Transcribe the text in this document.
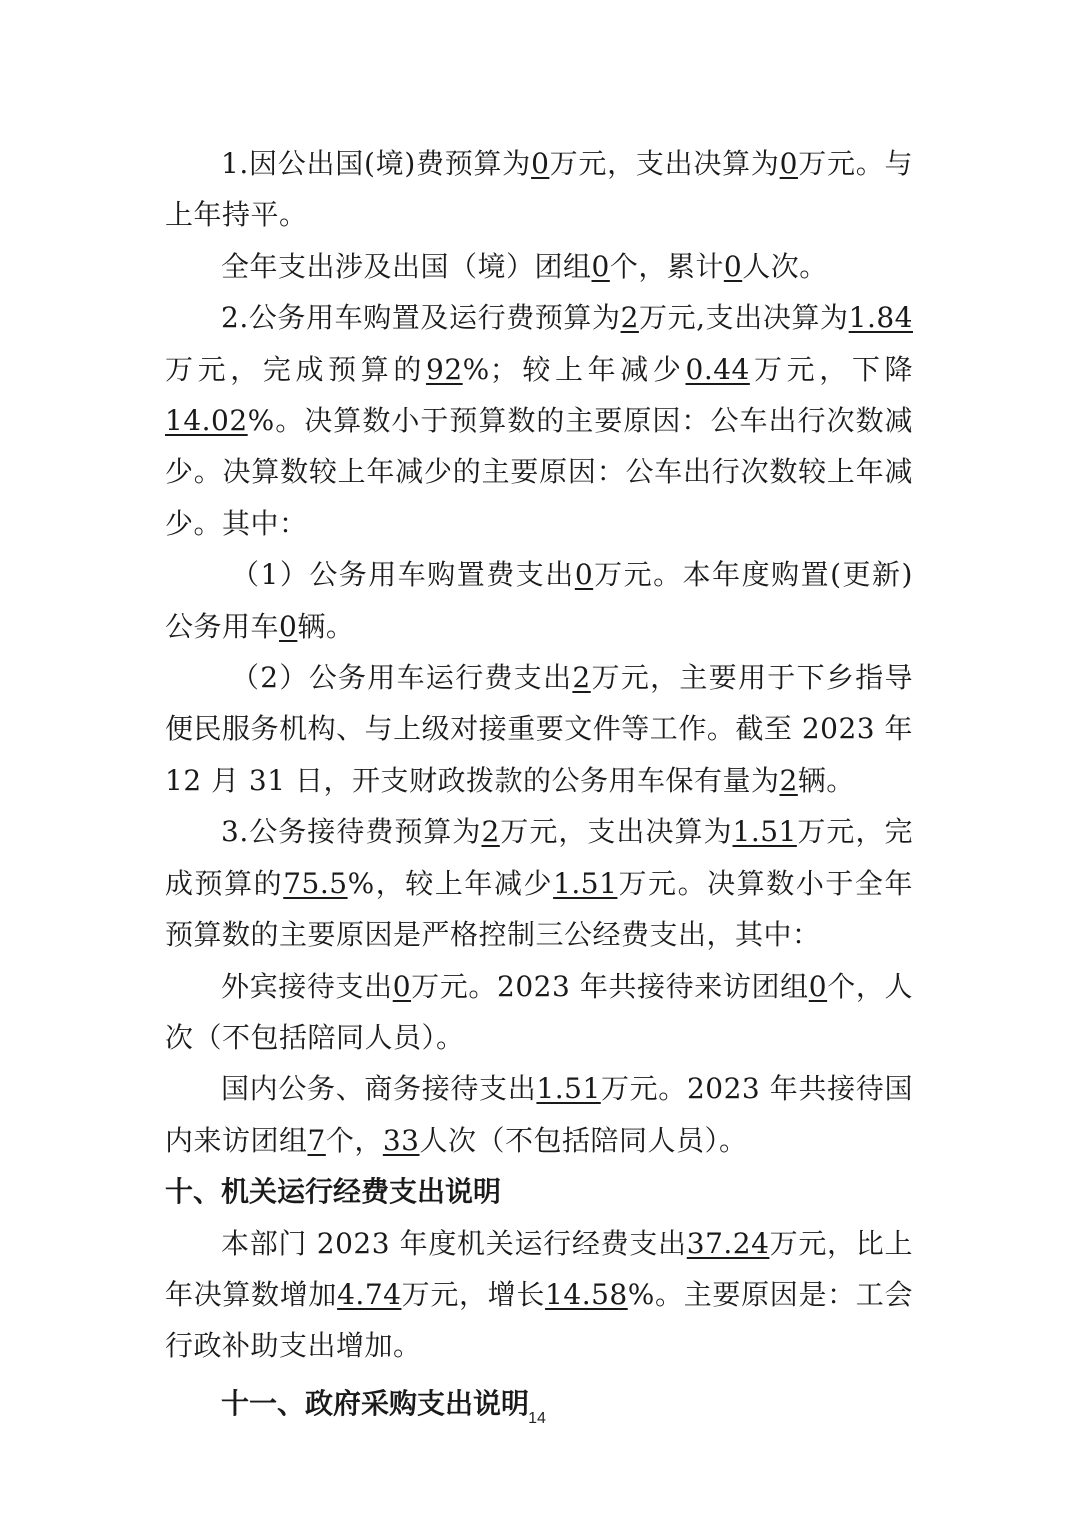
1.因公出国(境)费预算为0万元，支出决算为0万元。与上年持平。

全年支出涉及出国（境）团组0个，累计0人次。

2.公务用车购置及运行费预算为2万元,支出决算为1.84万元，完成预算的92%；较上年减少0.44万元，下降14.02%。决算数小于预算数的主要原因：公车出行次数减少。决算数较上年减少的主要原因：公车出行次数较上年减少。其中：

（1）公务用车购置费支出0万元。本年度购置(更新)公务用车0辆。

（2）公务用车运行费支出2万元，主要用于下乡指导便民服务机构、与上级对接重要文件等工作。截至 2023 年 12 月 31 日，开支财政拨款的公务用车保有量为2辆。

3.公务接待费预算为2万元，支出决算为1.51万元，完成预算的75.5%，较上年减少1.51万元。决算数小于全年预算数的主要原因是严格控制三公经费支出，其中：

外宾接待支出0万元。2023 年共接待来访团组0个，人次（不包括陪同人员）。

国内公务、商务接待支出1.51万元。2023 年共接待国内来访团组7个，33人次（不包括陪同人员）。

十、机关运行经费支出说明

本部门 2023 年度机关运行经费支出37.24万元，比上年决算数增加4.74万元，增长14.58%。主要原因是：工会行政补助支出增加。

十一、政府采购支出说明 14
